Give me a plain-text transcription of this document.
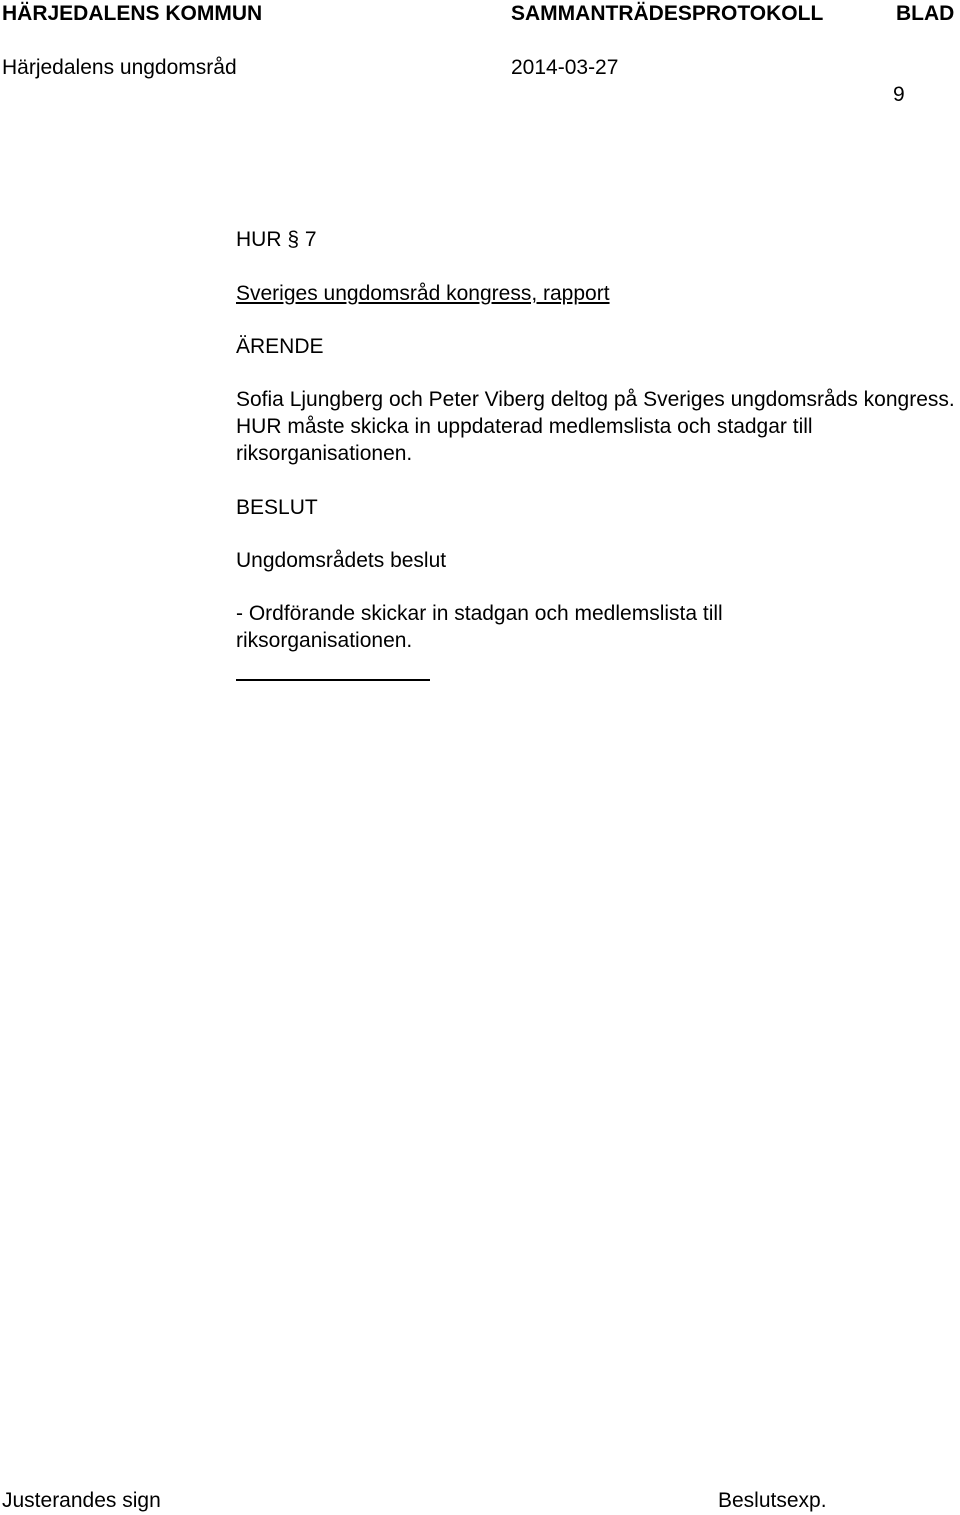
HÄRJEDALENS KOMMUN	SAMMANTRÄDESPROTOKOLL	BLAD
Härjedalens ungdomsråd	2014-03-27
9
HUR § 7
Sveriges ungdomsråd kongress, rapport
ÄRENDE
Sofia Ljungberg och Peter Viberg deltog på Sveriges ungdomsråds kongress. HUR måste skicka in uppdaterad medlemslista och stadgar till riksorganisationen.
BESLUT
Ungdomsrådets beslut
- Ordförande skickar in stadgan och medlemslista till riksorganisationen.
Justerandes sign	Beslutsexp.
